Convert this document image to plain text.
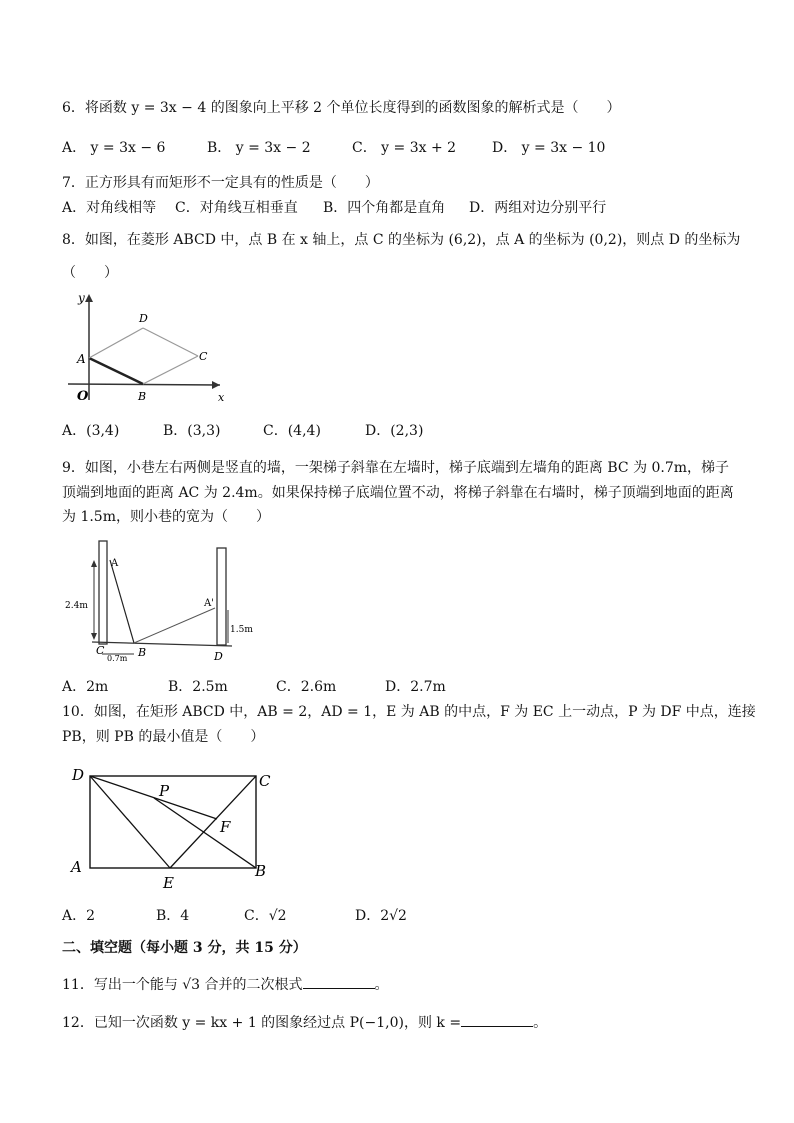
6．将函数 y = 3x − 4 的图象向上平移 2 个单位长度得到的函数图象的解析式是（　　）
A． y = 3x − 6	B． y = 3x − 2	C． y = 3x + 2	D． y = 3x − 10
7．正方形具有而矩形不一定具有的性质是（　　）
A．对角线相等 C．对角线互相垂直 B．四个角都是直角 D．两组对边分别平行
8．如图，在菱形 ABCD 中，点 B 在 x 轴上，点 C 的坐标为 (6,2)，点 A 的坐标为 (0,2)，则点 D 的坐标为
（　　）
y
D
A	C
O	B	x
A．(3,4)	B．(3,3)	C．(4,4)	D．(2,3)
9．如图，小巷左右两侧是竖直的墙，一架梯子斜靠在左墙时，梯子底端到左墙角的距离 BC 为 0.7m，梯子
顶端到地面的距离 AC 为 2.4m。如果保持梯子底端位置不动，将梯子斜靠在右墙时，梯子顶端到地面的距离
为 1.5m，则小巷的宽为（　　）
A
2.4m
C
0.7m B	D
A'
1.5m
A．2m	B．2.5m	C．2.6m	D．2.7m
10．如图，在矩形 ABCD 中，AB = 2，AD = 1，E 为 AB 的中点，F 为 EC 上一动点，P 为 DF 中点，连接
PB，则 PB 的最小值是（　　）
D	C
P
F
A
E
B
A．2	B．4	C．√2	D．2√2
二、填空题（每小题 3 分，共 15 分）
11．写出一个能与 √3 合并的二次根式	。
12．已知一次函数 y = kx + 1 的图象经过点 P(−1,0)，则 k =	。
